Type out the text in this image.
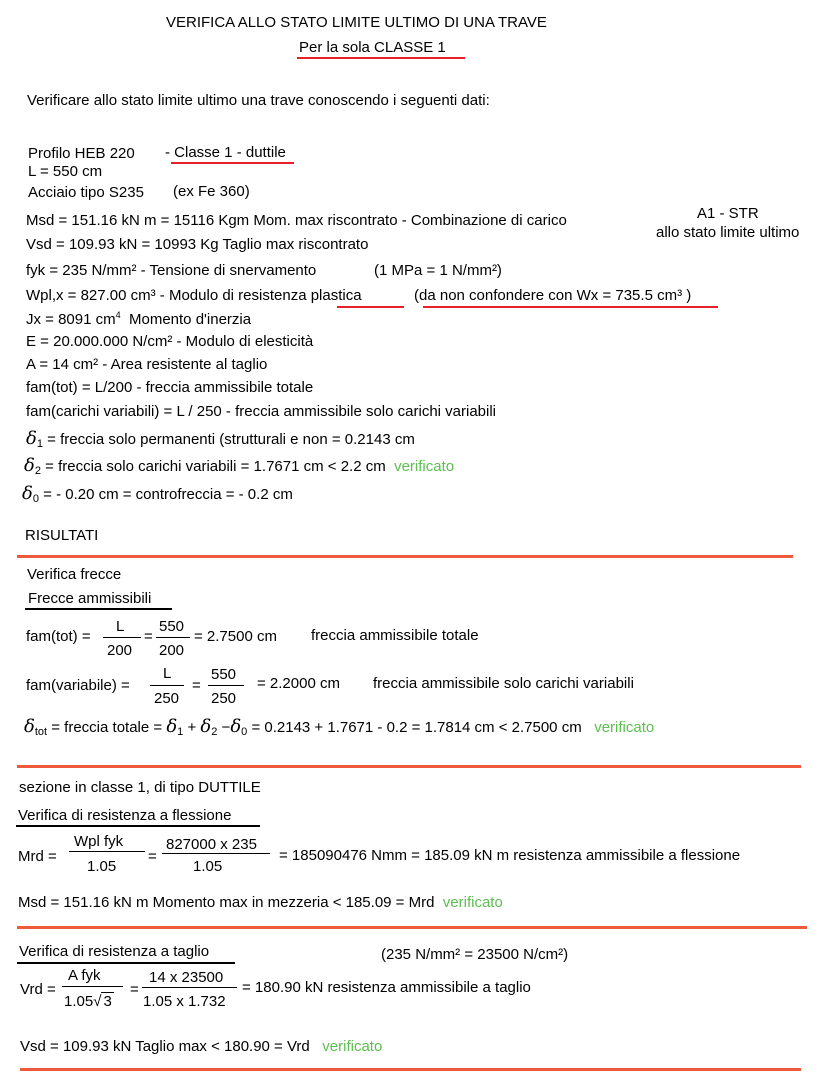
VERIFICA ALLO STATO LIMITE ULTIMO DI UNA TRAVE
Per la sola CLASSE 1
Verificare allo stato limite ultimo una trave conoscendo i seguenti dati:
Profilo HEB 220 - Classe 1 - duttile
L = 550 cm
Acciaio tipo S235 (ex Fe 360)
Msd = 151.16 kN m = 15116 Kgm Mom. max riscontrato - Combinazione di carico	A1 - STR
allo stato limite ultimo
Vsd = 109.93 kN = 10993 Kg Taglio max riscontrato
fyk = 235 N/mm² - Tensione di snervamento	(1 MPa = 1 N/mm²)
Wpl,x = 827.00 cm³ - Modulo di resistenza plastica	(da non confondere con Wx = 735.5 cm³ )
Jx = 8091 $cm^4$ Momento d'inerzia
E = 20.000.000 N/cm² - Modulo di elesticità
A = 14 cm² - Area resistente al taglio
fam(tot) = L/200 - freccia ammissibile totale
fam(carichi variabili) = L / 250 - freccia ammissibile solo carichi variabili
$\delta_1$ = freccia solo permanenti (strutturali e non = 0.2143 cm
$\delta_2$ = freccia solo carichi variabili = 1.7671 cm < 2.2 cm verificato
$\delta_0$ = - 0.20 cm = controfreccia = - 0.2 cm
RISULTATI
Verifica frecce
Frecce ammissibili
fam(tot) =
L
200
=
550
200
= 2.7500 cm freccia ammissibile totale
fam(variabile) =
L
250
=
550
250
= 2.2000 cm freccia ammissibile solo carichi variabili
$\delta_{tot}$ = freccia totale = $\delta_1 + \delta_2 -\delta_0 = 0.2143 + 1.7671 - 0.2 = 1.7814$ cm < 2.7500 cm verificato
sezione in classe 1, di tipo DUTTILE
Verifica di resistenza a flessione
Mrd =
Wpl fyk
1.05
=
827000 x 235
1.05
= 185090476 Nmm = 185.09 kN m resistenza ammissibile a flessione
Msd = 151.16 kN m Momento max in mezzeria < 185.09 = Mrd verificato
Verifica di resistenza a taglio	(235 N/mm² = 23500 N/cm²)
Vrd =
A fyk
1.05√ 3
=
14 x 23500
1.05 x 1.732
= 180.90 kN resistenza ammissibile a taglio
Vsd = 109.93 kN Taglio max < 180.90 = Vrd verificato
